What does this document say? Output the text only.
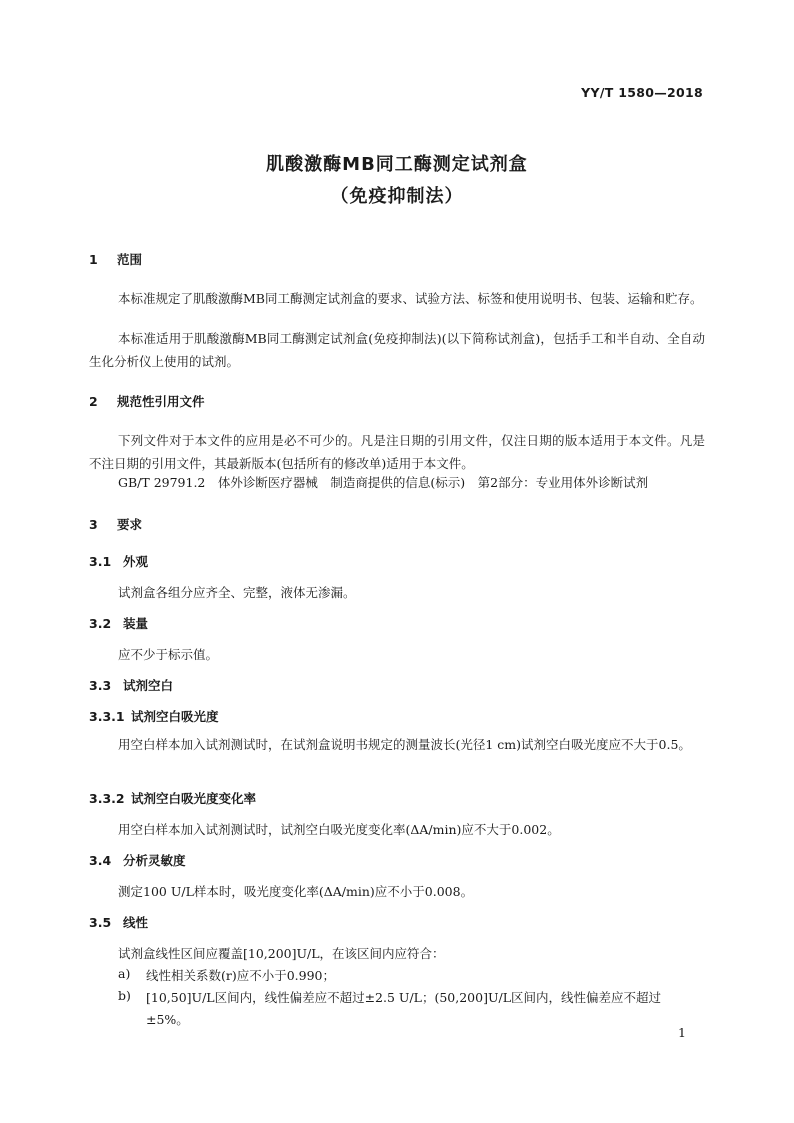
YY/T 1580—2018
肌酸激酶MB同工酶测定试剂盒
（免疫抑制法）
1 范围
本标准规定了肌酸激酶MB同工酶测定试剂盒的要求、试验方法、标签和使用说明书、包装、运输和贮存。
本标准适用于肌酸激酶MB同工酶测定试剂盒(免疫抑制法)(以下简称试剂盒)，包括手工和半自动、全自动生化分析仪上使用的试剂。
2 规范性引用文件
下列文件对于本文件的应用是必不可少的。凡是注日期的引用文件，仅注日期的版本适用于本文件。凡是不注日期的引用文件，其最新版本(包括所有的修改单)适用于本文件。
GB/T 29791.2　体外诊断医疗器械　制造商提供的信息(标示)　第2部分：专业用体外诊断试剂
3 要求
3.1 外观
试剂盒各组分应齐全、完整，液体无渗漏。
3.2 装量
应不少于标示值。
3.3 试剂空白
3.3.1 试剂空白吸光度
用空白样本加入试剂测试时，在试剂盒说明书规定的测量波长(光径1 cm)试剂空白吸光度应不大于0.5。
3.3.2 试剂空白吸光度变化率
用空白样本加入试剂测试时，试剂空白吸光度变化率(ΔA/min)应不大于0.002。
3.4 分析灵敏度
测定100 U/L样本时，吸光度变化率(ΔA/min)应不小于0.008。
3.5 线性
试剂盒线性区间应覆盖[10,200]U/L，在该区间内应符合：
a) 线性相关系数(r)应不小于0.990；
b) [10,50]U/L区间内，线性偏差应不超过±2.5 U/L；(50,200]U/L区间内，线性偏差应不超过
±5%。
1
